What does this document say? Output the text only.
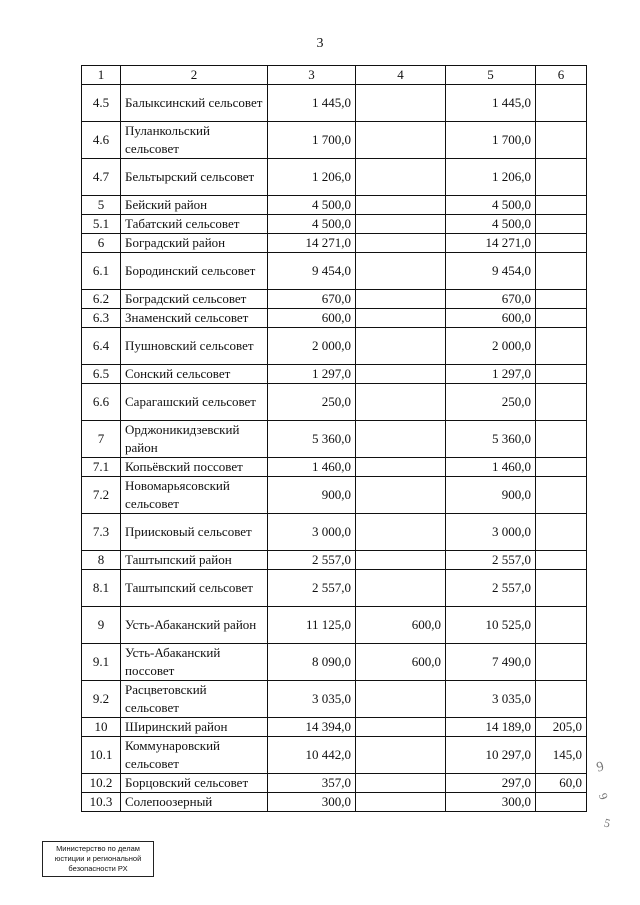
3
1	2	3	4	5	6
4.5	Балыксинский сельсовет	1 445,0		1 445,0	
4.6	Пуланкольский сельсовет	1 700,0		1 700,0	
4.7	Бельтырский сельсовет	1 206,0		1 206,0	
5	Бейский район	4 500,0		4 500,0	
5.1	Табатский сельсовет	4 500,0		4 500,0	
6	Боградский район	14 271,0		14 271,0	
6.1	Бородинский сельсовет	9 454,0		9 454,0	
6.2	Боградский сельсовет	670,0		670,0	
6.3	Знаменский сельсовет	600,0		600,0	
6.4	Пушновский сельсовет	2 000,0		2 000,0	
6.5	Сонский сельсовет	1 297,0		1 297,0	
6.6	Сарагашский сельсовет	250,0		250,0	
7	Орджоникидзевский район	5 360,0		5 360,0	
7.1	Копьёвский поссовет	1 460,0		1 460,0	
7.2	Новомарьясовский сельсовет	900,0		900,0	
7.3	Приисковый сельсовет	3 000,0		3 000,0	
8	Таштыпский район	2 557,0		2 557,0	
8.1	Таштыпский сельсовет	2 557,0		2 557,0	
9	Усть-Абаканский район	11 125,0	600,0	10 525,0	
9.1	Усть-Абаканский поссовет	8 090,0	600,0	7 490,0	
9.2	Расцветовский сельсовет	3 035,0		3 035,0	
10	Ширинский район	14 394,0		14 189,0	205,0
10.1	Коммунаровский сельсовет	10 442,0		10 297,0	145,0
10.2	Борцовский сельсовет	357,0		297,0	60,0
10.3	Солепоозерный	300,0		300,0	
Министерство по делам
юстиции и региональной
безопасности РХ
9
9
5
